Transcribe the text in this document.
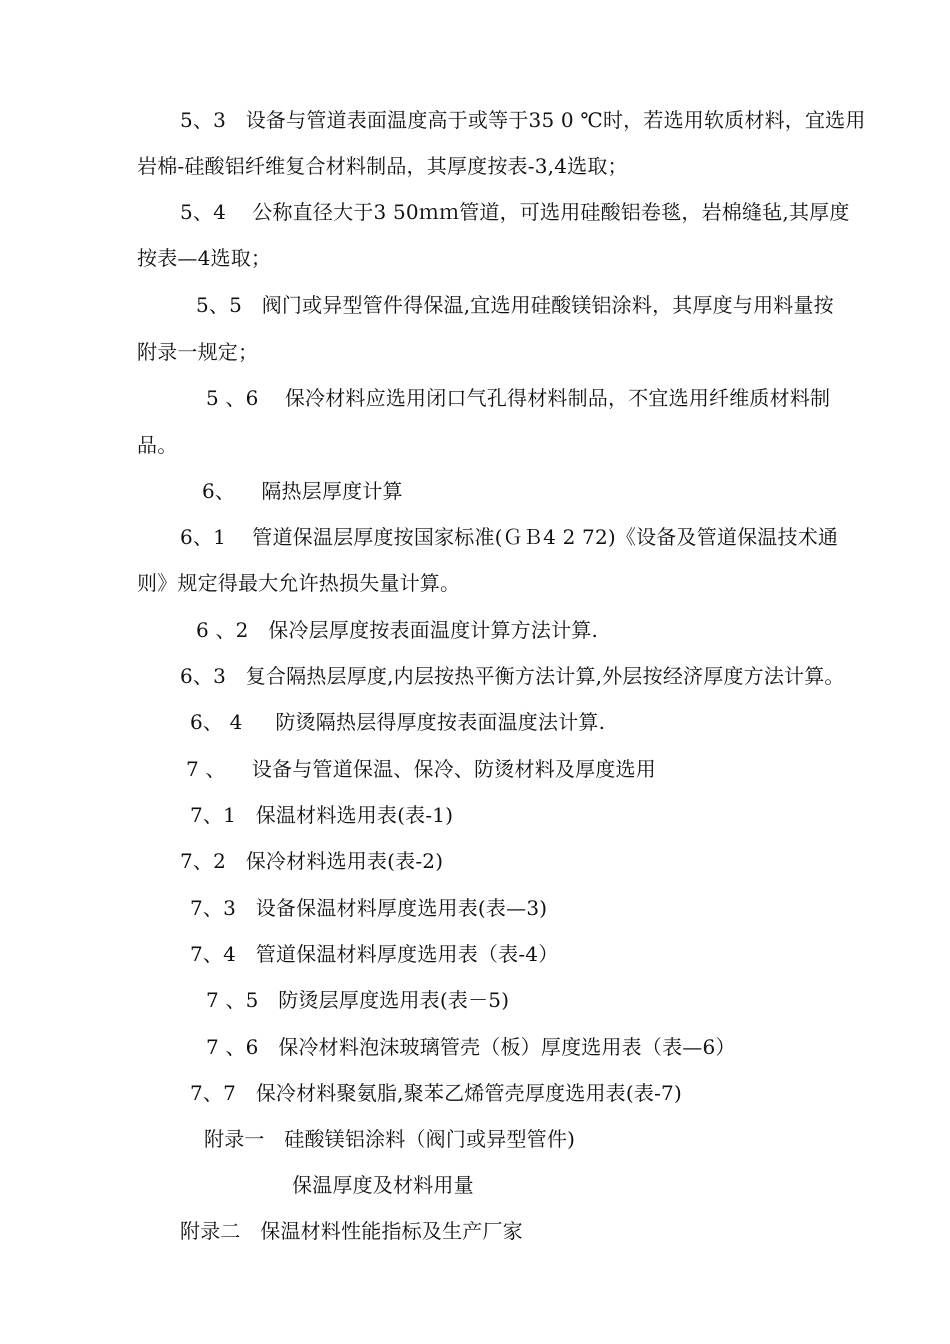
5、3   设备与管道表面温度高于或等于35 0 ℃时，若选用软质材料，宜选用
岩棉-硅酸铝纤维复合材料制品，其厚度按表-3,4选取；
5、4    公称直径大于3 50ｍｍ管道，可选用硅酸铝卷毯，岩棉缝毡,其厚度
按表—4选取；
5、5   阀门或异型管件得保温,宜选用硅酸镁铝涂料，其厚度与用料量按
附录一规定；
5 、6    保冷材料应选用闭口气孔得材料制品，不宜选用纤维质材料制
品。
6、    隔热层厚度计算
6、1    管道保温层厚度按国家标准(ＧＢ4 2 72)《设备及管道保温技术通
则》规定得最大允许热损失量计算。
6 、2   保冷层厚度按表面温度计算方法计算.
6、3   复合隔热层厚度,内层按热平衡方法计算,外层按经济厚度方法计算。
6、 4     防烫隔热层得厚度按表面温度法计算.
7 、    设备与管道保温、保冷、防烫材料及厚度选用
7、1   保温材料选用表(表-1)
7、2   保冷材料选用表(表-2)
7、3   设备保温材料厚度选用表(表—3)
7、4   管道保温材料厚度选用表（表-4）
7 、5   防烫层厚度选用表(表－5)
7 、6   保冷材料泡沫玻璃管壳（板）厚度选用表（表—6）
7、7   保冷材料聚氨脂,聚苯乙烯管壳厚度选用表(表-7)
附录一   硅酸镁铝涂料（阀门或异型管件)
保温厚度及材料用量
附录二   保温材料性能指标及生产厂家
